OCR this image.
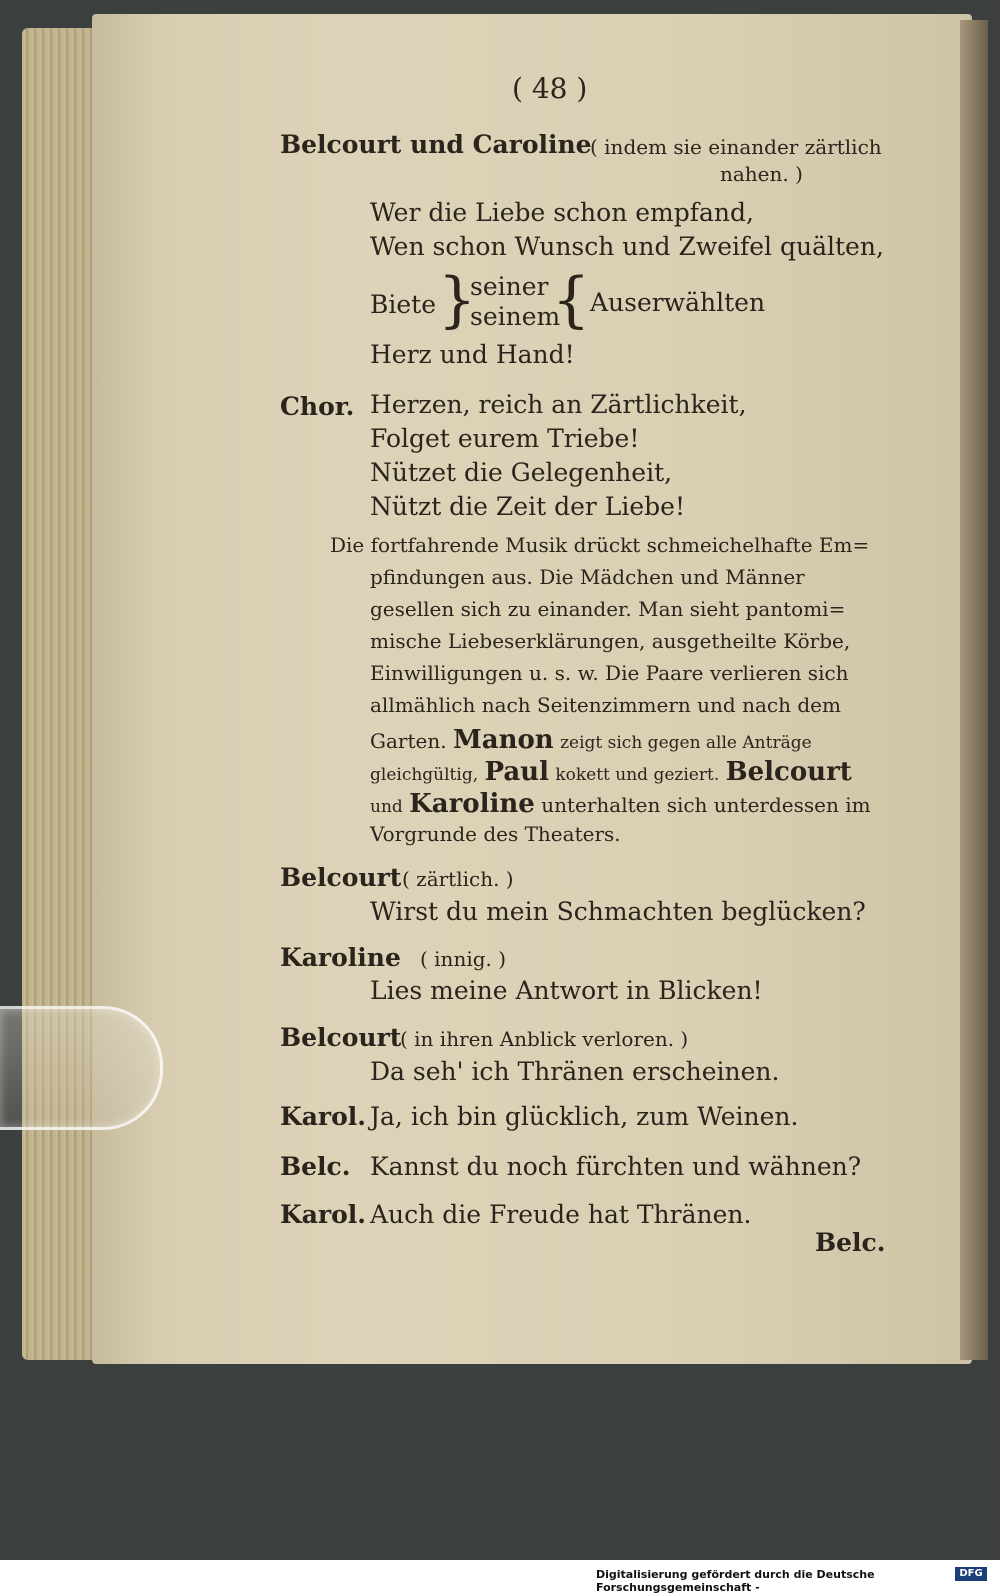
( 48 )
Belcourt und Caroline
( indem sie einander zärtlich
nahen. )
Wer die Liebe schon empfand,
Wen schon Wunsch und Zweifel quälten,
Biete }
seiner
seinem
{ Auserwählten
Herz und Hand!
Chor. Herzen, reich an Zärtlichkeit,
Folget eurem Triebe!
Nützet die Gelegenheit,
Nützt die Zeit der Liebe!
Die fortfahrende Musik drückt schmeichelhafte Em=
pfindungen aus. Die Mädchen und Männer
gesellen sich zu einander. Man sieht pantomi=
mische Liebeserklärungen, ausgetheilte Körbe,
Einwilligungen u. s. w. Die Paare verlieren sich
allmählich nach Seitenzimmern und nach dem
Garten. Manon zeigt sich gegen alle Anträge
gleichgültig, Paul kokett und geziert. Belcourt
und Karoline unterhalten sich unterdessen im
Vorgrunde des Theaters.
Belcourt ( zärtlich. )
Wirst du mein Schmachten beglücken?
Karoline ( innig. )
Lies meine Antwort in Blicken!
Belcourt
( in ihren Anblick verloren. )
Da seh' ich Thränen erscheinen.
Karol. Ja, ich bin glücklich, zum Weinen.
Belc. Kannst du noch fürchten und wähnen?
Karol. Auch die Freude hat Thränen.
Belc.
Digitalisierung gefördert durch die Deutsche Forschungsgemeinschaft -
DFG
